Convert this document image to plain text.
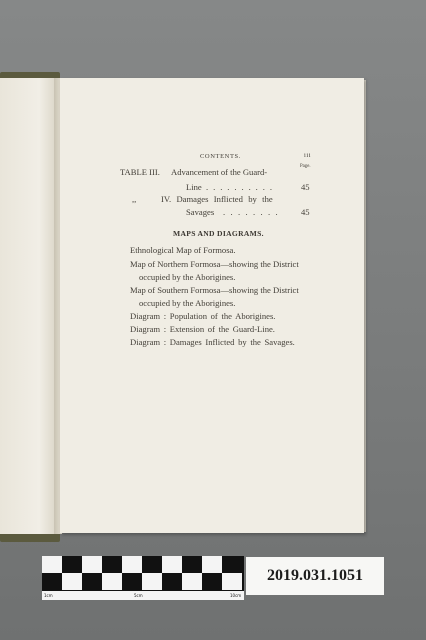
CONTENTS.	iii
Page.
TABLE III. Advancement of the Guard-
Line . . . . . . . . . .	45
,,	IV. Damages Inflicted by the
Savages . . . . . . . .	45
MAPS AND DIAGRAMS.
Ethnological Map of Formosa.
Map of Northern Formosa—showing the District
occupied by the Aborigines.
Map of Southern Formosa—showing the District
occupied by the Aborigines.
Diagram : Population of the Aborigines.
Diagram : Extension of the Guard-Line.
Diagram : Damages Inflicted by the Savages.
1cm	5cm	10cm
2019.031.1051
